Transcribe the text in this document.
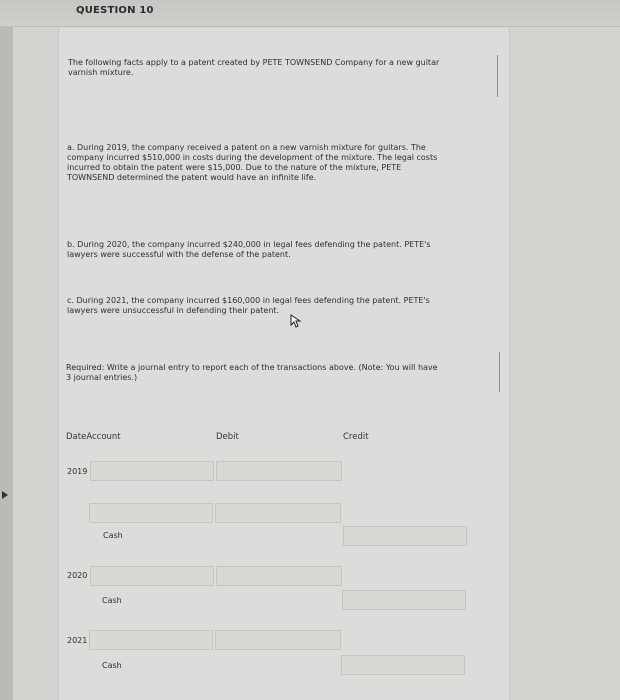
QUESTION 10
The following facts apply to a patent created by PETE TOWNSEND Company for a new guitar
varnish mixture.
a. During 2019, the company received a patent on a new varnish mixture for guitars. The
company incurred $510,000 in costs during the development of the mixture. The legal costs
incurred to obtain the patent were $15,000. Due to the nature of the mixture, PETE
TOWNSEND determined the patent would have an infinite life.
b. During 2020, the company incurred $240,000 in legal fees defending the patent. PETE's
lawyers were successful with the defense of the patent.
c. During 2021, the company incurred $160,000 in legal fees defending the patent. PETE's
lawyers were unsuccessful in defending their patent.
Required: Write a journal entry to report each of the transactions above. (Note: You will have
3 journal entries.)
DateAccount	Debit	Credit
2019
Cash
2020
Cash
2021
Cash
